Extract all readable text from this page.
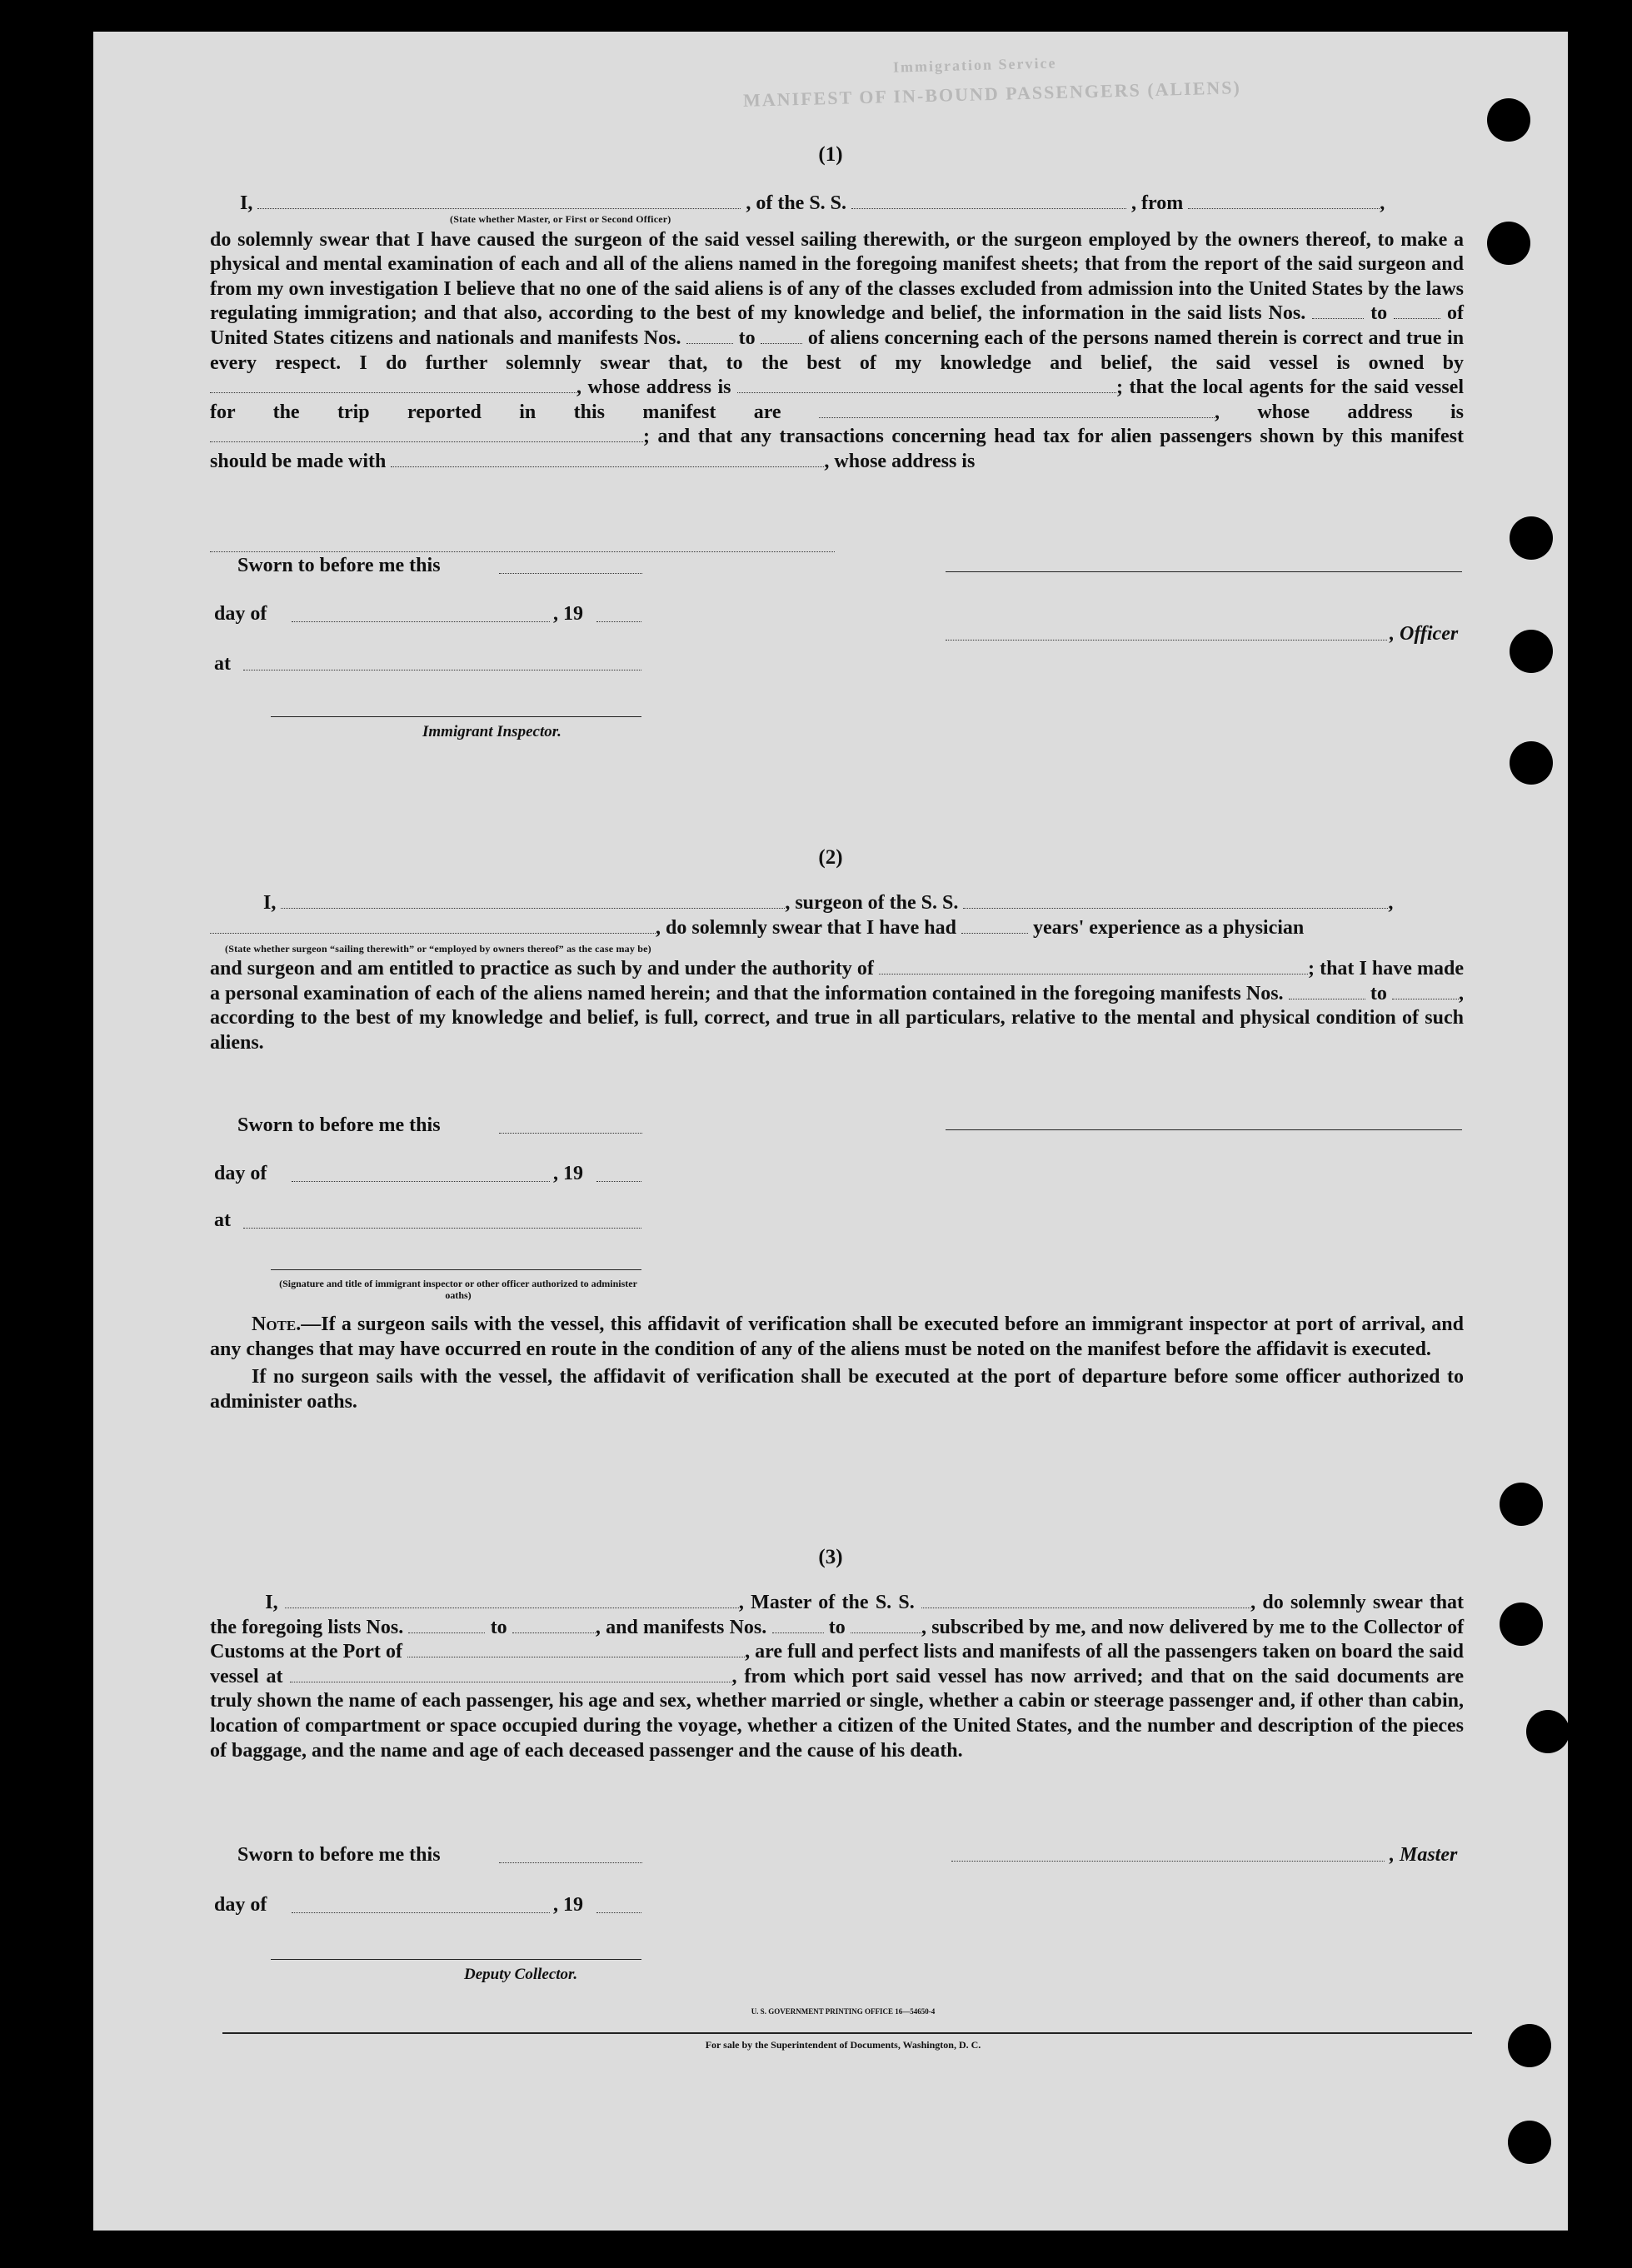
Immigration Service
MANIFEST OF IN-BOUND PASSENGERS (ALIENS)
(1)

I,	, of the S. S.	, from	,

(State whether Master, or First or Second Officer)

do solemnly swear that I have caused the surgeon of the said vessel sailing therewith, or the surgeon employed by the owners thereof, to make a physical and mental examination of each and all of the aliens named in the foregoing manifest sheets; that from the report of the said surgeon and from my own investigation I believe that no one of the said aliens is of any of the classes excluded from admission into the United States by the laws regulating immigration; and that also, according to the best of my knowledge and belief, the information in the said lists Nos.	to	of United States citizens and nationals and manifests Nos.	to	of aliens concerning each of the persons named therein is correct and true in every respect. I do further solemnly swear that, to the best of my knowledge and belief, the said vessel is owned by , whose address is	; that the local agents for the said vessel for the trip reported in this manifest are	, whose address is ; and that any transactions concerning head tax for alien passengers shown by this manifest should be made with	, whose address is

Sworn to before me this
day of	, 19
at
Immigrant Inspector.
, Officer
(2)

I,	, surgeon of the S. S.	,

, do solemnly swear that I have had	years' experience as a physician

(State whether surgeon “sailing therewith” or “employed by owners thereof” as the case may be)

and surgeon and am entitled to practice as such by and under the authority of	; that I have made a personal examination of each of the aliens named herein; and that the information contained in the foregoing manifests Nos.	to	, according to the best of my knowledge and belief, is full, correct, and true in all particulars, relative to the mental and physical condition of such aliens.

Sworn to before me this
day of	, 19
at
(Signature and title of immigrant inspector or other officer authorized to administer oaths)

Note.—If a surgeon sails with the vessel, this affidavit of verification shall be executed before an immigrant inspector at port of arrival, and any changes that may have occurred en route in the condition of any of the aliens must be noted on the manifest before the affidavit is executed.

If no surgeon sails with the vessel, the affidavit of verification shall be executed at the port of departure before some officer authorized to administer oaths.

(3)

I,	, Master of the S. S.	, do solemnly swear that the foregoing lists Nos.	to	, and manifests Nos.	to	, subscribed by me, and now delivered by me to the Collector of Customs at the Port of	, are full and perfect lists and manifests of all the passengers taken on board the said vessel at	, from which port said vessel has now arrived; and that on the said documents are truly shown the name of each passenger, his age and sex, whether married or single, whether a cabin or steerage passenger and, if other than cabin, location of compartment or space occupied during the voyage, whether a citizen of the United States, and the number and description of the pieces of baggage, and the name and age of each deceased passenger and the cause of his death.

Sworn to before me this
day of	, 19
Deputy Collector.
, Master
U. S. GOVERNMENT PRINTING OFFICE 16—54650-4
For sale by the Superintendent of Documents, Washington, D. C.
